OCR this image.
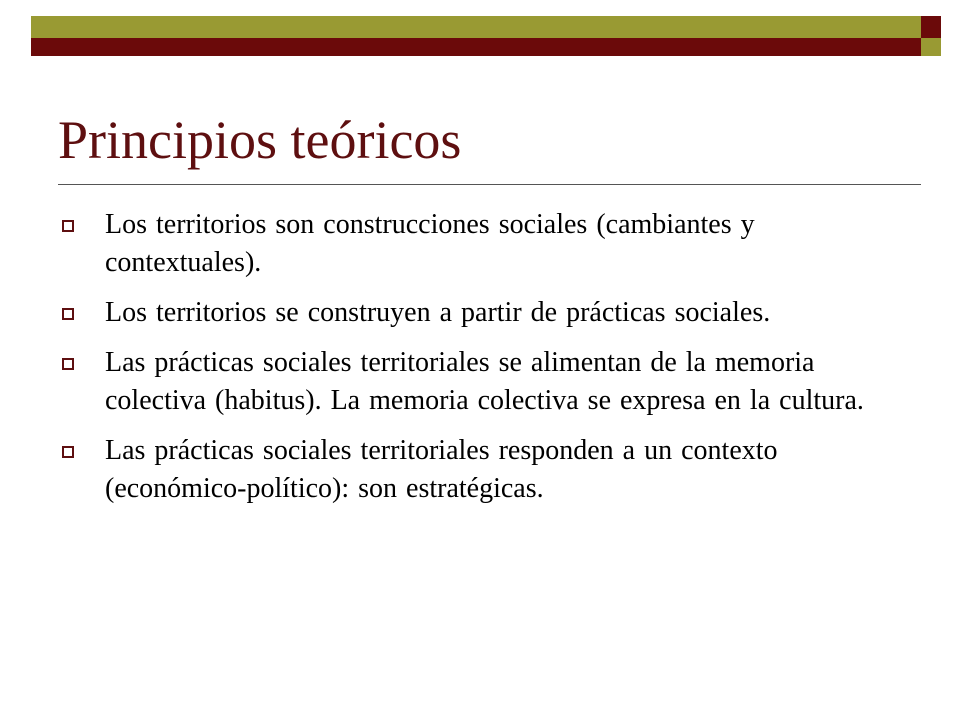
Principios teóricos
Los territorios son construcciones sociales (cambiantes y contextuales).
Los territorios se construyen a partir de prácticas sociales.
Las prácticas sociales territoriales se alimentan de la memoria colectiva (habitus). La memoria colectiva se expresa en la cultura.
Las prácticas sociales territoriales responden a un contexto (económico-político): son estratégicas.
